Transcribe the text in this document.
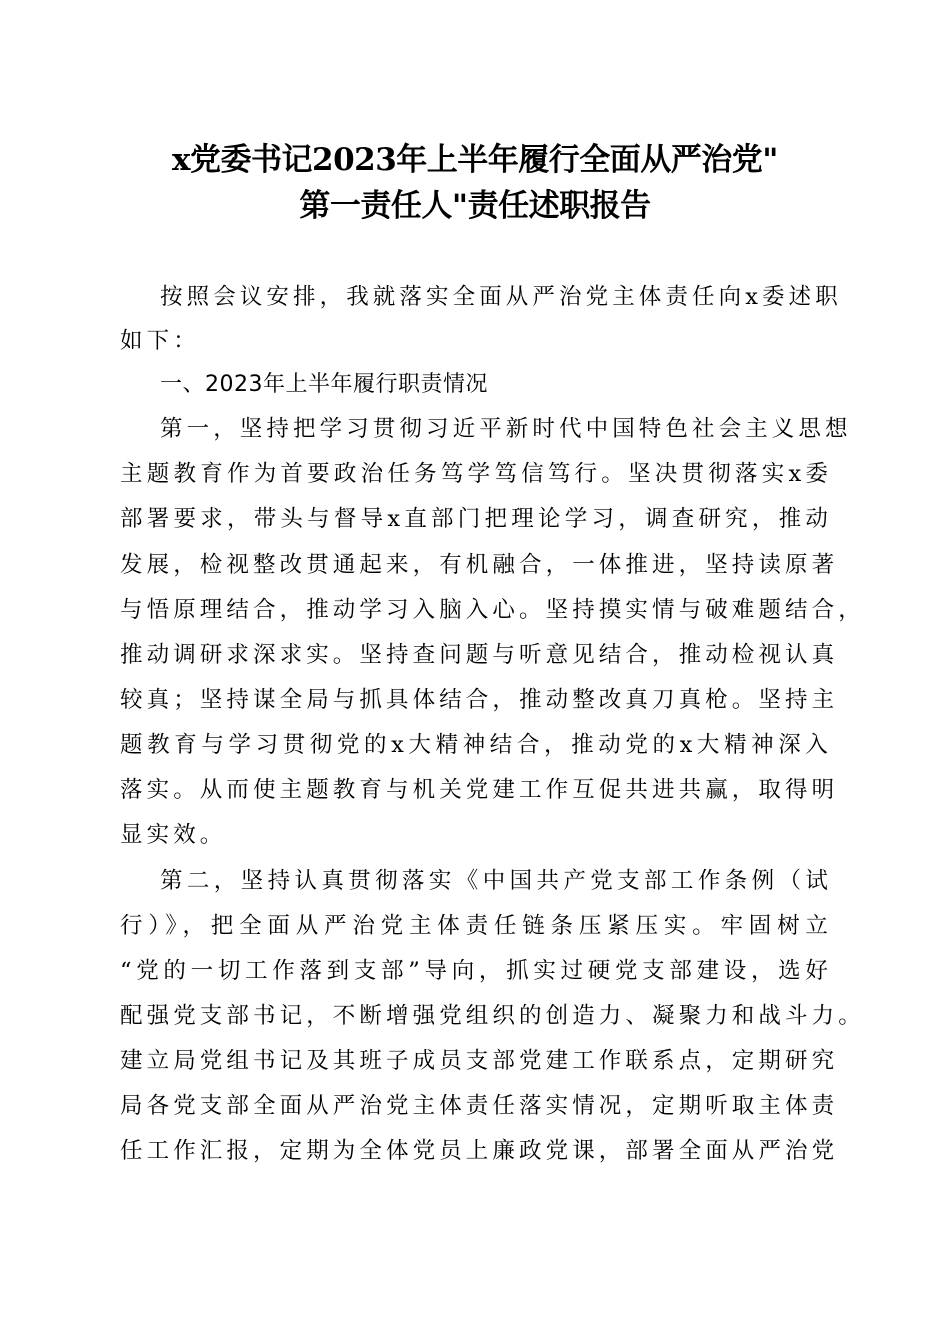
x党委书记2023年上半年履行全面从严治党"
第一责任人"责任述职报告
按照会议安排，我就落实全面从严治党主体责任向x委述职
如下：
一、2023年上半年履行职责情况
第一，坚持把学习贯彻习近平新时代中国特色社会主义思想
主题教育作为首要政治任务笃学笃信笃行。坚决贯彻落实x委
部署要求，带头与督导x直部门把理论学习，调查研究，推动
发展，检视整改贯通起来，有机融合，一体推进，坚持读原著
与悟原理结合，推动学习入脑入心。坚持摸实情与破难题结合，
推动调研求深求实。坚持查问题与听意见结合，推动检视认真
较真；坚持谋全局与抓具体结合，推动整改真刀真枪。坚持主
题教育与学习贯彻党的x大精神结合，推动党的x大精神深入
落实。从而使主题教育与机关党建工作互促共进共赢，取得明
显实效。
第二，坚持认真贯彻落实《中国共产党支部工作条例（试
行）》，把全面从严治党主体责任链条压紧压实。牢固树立
“党的一切工作落到支部”导向，抓实过硬党支部建设，选好
配强党支部书记，不断增强党组织的创造力、凝聚力和战斗力。
建立局党组书记及其班子成员支部党建工作联系点，定期研究
局各党支部全面从严治党主体责任落实情况，定期听取主体责
任工作汇报，定期为全体党员上廉政党课，部署全面从严治党
